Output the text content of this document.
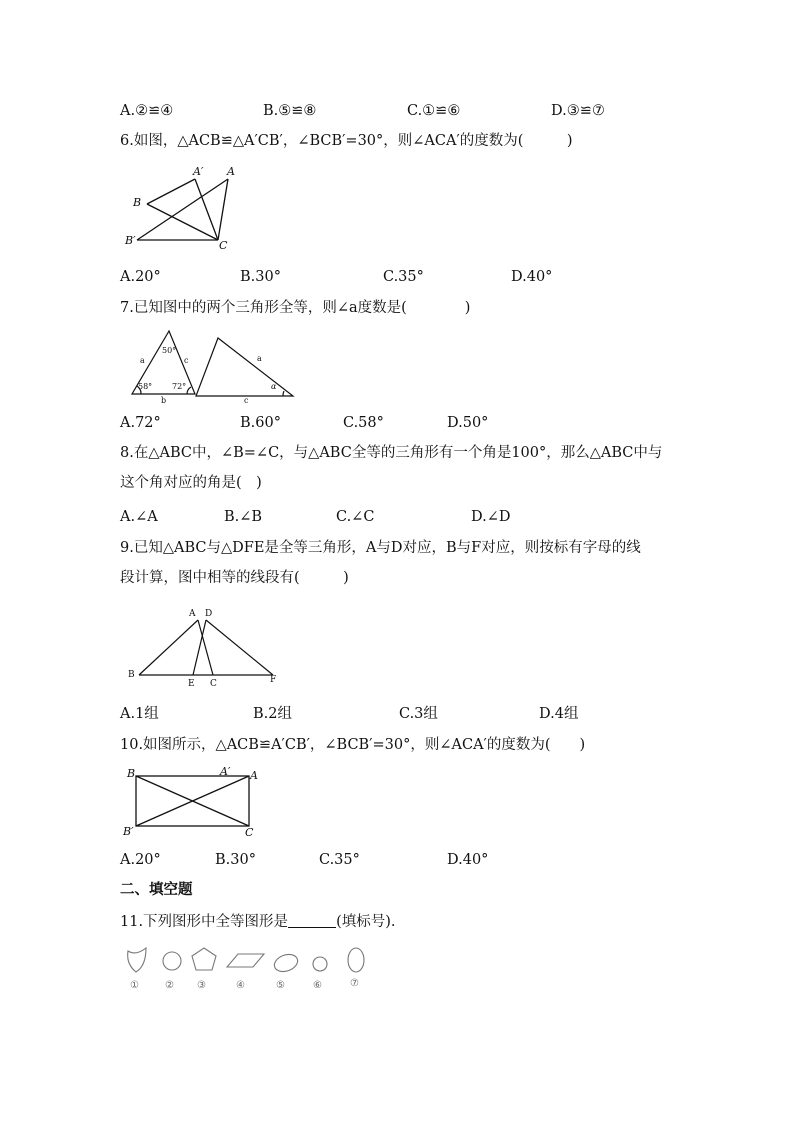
A.②≌④	B.⑤≌⑧	C.①≌⑥	D.③≌⑦
6.如图，△ACB≌△A′CB′，∠BCB′=30°，则∠ACA′的度数为(　　　)
B
A′ A
B′	C
A.20°	B.30°	C.35°	D.40°
7.已知图中的两个三角形全等，则∠a度数是(　　　　)
50°
a	c
58° 72°
b
a
α
c
A.72°	B.60°	C.58°	D.50°
8.在△ABC中，∠B=∠C，与△ABC全等的三角形有一个角是100°，那么△ABC中与
这个角对应的角是(　)
A.∠A	B.∠B	C.∠C	D.∠D
9.已知△ABC与△DFE是全等三角形，A与D对应，B与F对应，则按标有字母的线
段计算，图中相等的线段有(　　　)
A D
B
E C	F
A.1组	B.2组	C.3组	D.4组
10.如图所示，△ACB≌A′CB′，∠BCB′=30°，则∠ACA′的度数为(　　)
B	A′ A
B′	C
A.20°	B.30°	C.35°	D.40°
二、填空题
11.下列图形中全等图形是	(填标号).
①	② ③	④	⑤	⑥	⑦
